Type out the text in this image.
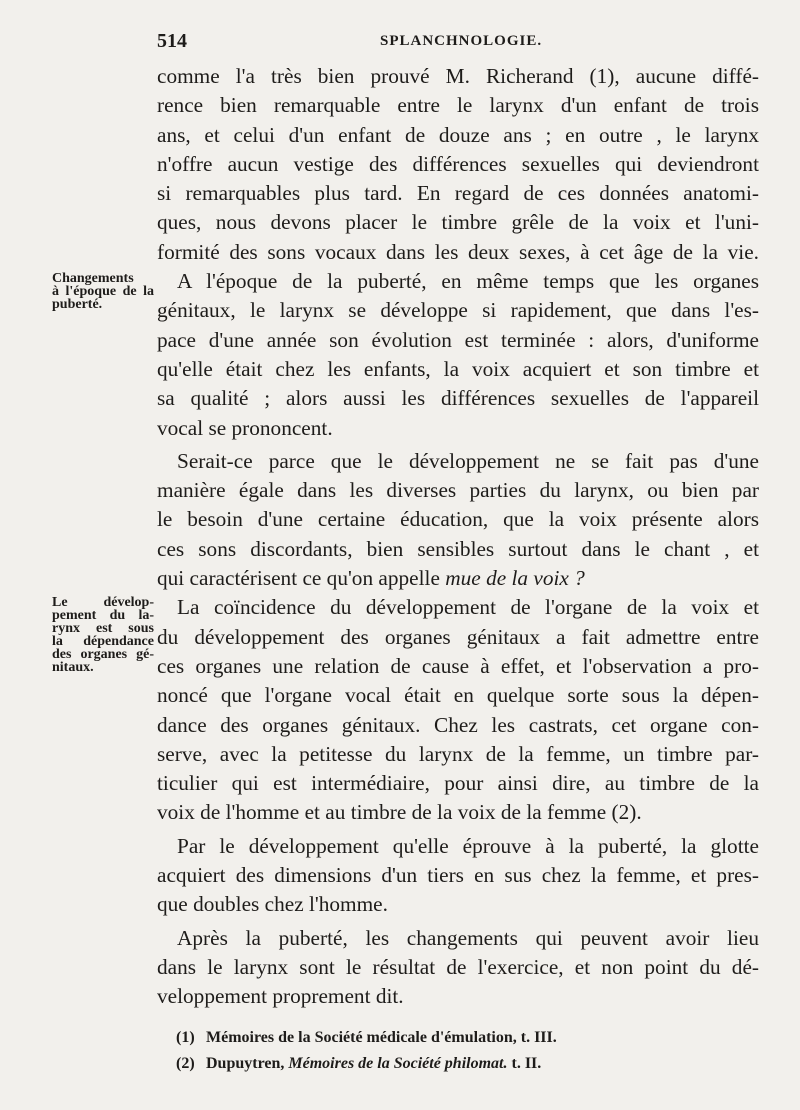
514	SPLANCHNOLOGIE.
Changements
à l'époque de la
puberté.
Le dévelop-
pement du la-
rynx est sous
la dépendance
des organes gé-
nitaux.
comme l'a très bien prouvé M. Richerand (1), aucune diffé-
rence bien remarquable entre le larynx d'un enfant de trois
ans, et celui d'un enfant de douze ans ; en outre , le larynx
n'offre aucun vestige des différences sexuelles qui deviendront
si remarquables plus tard. En regard de ces données anatomi-
ques, nous devons placer le timbre grêle de la voix et l'uni-
formité des sons vocaux dans les deux sexes, à cet âge de la vie.
A l'époque de la puberté, en même temps que les organes
génitaux, le larynx se développe si rapidement, que dans l'es-
pace d'une année son évolution est terminée : alors, d'uniforme
qu'elle était chez les enfants, la voix acquiert et son timbre et
sa qualité ; alors aussi les différences sexuelles de l'appareil
vocal se prononcent.
Serait-ce parce que le développement ne se fait pas d'une
manière égale dans les diverses parties du larynx, ou bien par
le besoin d'une certaine éducation, que la voix présente alors
ces sons discordants, bien sensibles surtout dans le chant , et
qui caractérisent ce qu'on appelle mue de la voix ?
La coïncidence du développement de l'organe de la voix et
du développement des organes génitaux a fait admettre entre
ces organes une relation de cause à effet, et l'observation a pro-
noncé que l'organe vocal était en quelque sorte sous la dépen-
dance des organes génitaux. Chez les castrats, cet organe con-
serve, avec la petitesse du larynx de la femme, un timbre par-
ticulier qui est intermédiaire, pour ainsi dire, au timbre de la
voix de l'homme et au timbre de la voix de la femme (2).
Par le développement qu'elle éprouve à la puberté, la glotte
acquiert des dimensions d'un tiers en sus chez la femme, et pres-
que doubles chez l'homme.
Après la puberté, les changements qui peuvent avoir lieu
dans le larynx sont le résultat de l'exercice, et non point du dé-
veloppement proprement dit.
(1) Mémoires de la Société médicale d'émulation, t. III.
(2) Dupuytren, Mémoires de la Société philomat. t. II.
